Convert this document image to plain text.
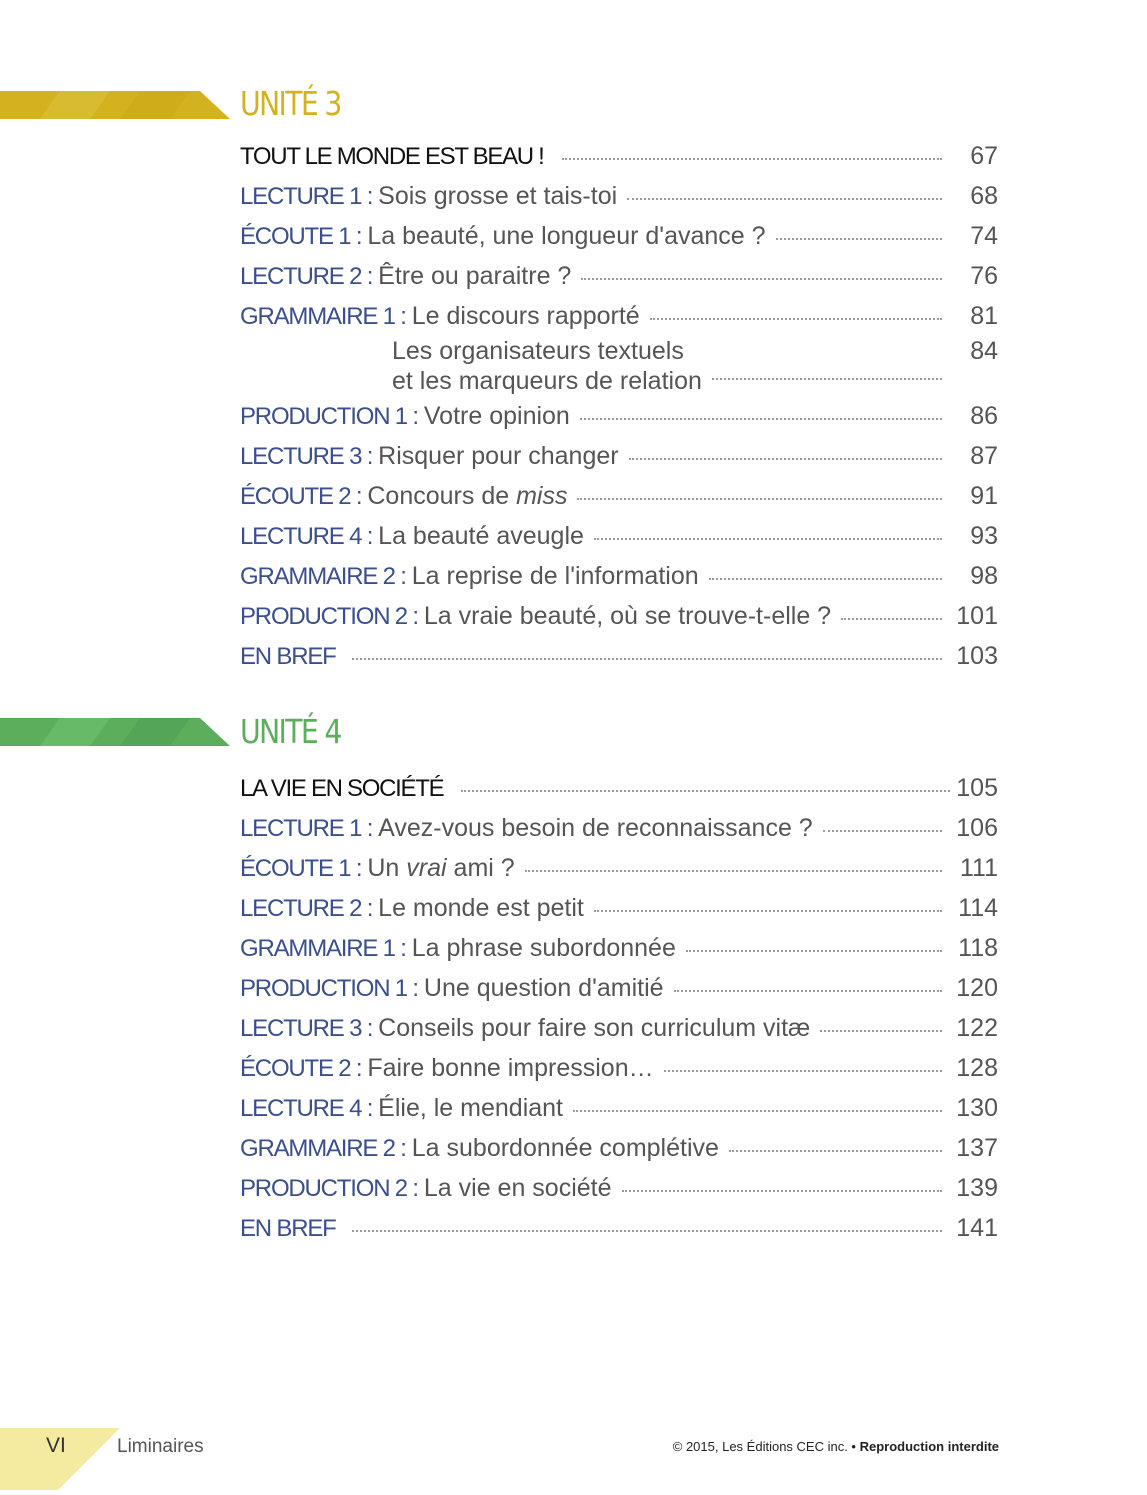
UNITÉ 3
TOUT LE MONDE EST BEAU !	67
LECTURE 1 : Sois grosse et tais-toi	68
ÉCOUTE 1 : La beauté, une longueur d'avance ?	74
LECTURE 2 : Être ou paraitre ?	76
GRAMMAIRE 1 : Le discours rapporté	81
Les organisateurs textuels
et les marqueurs de relation
84
PRODUCTION 1 : Votre opinion	86
LECTURE 3 : Risquer pour changer	87
ÉCOUTE 2 : Concours de miss	91
LECTURE 4 : La beauté aveugle	93
GRAMMAIRE 2 : La reprise de l'information	98
PRODUCTION 2 : La vraie beauté, où se trouve-t-elle ?	101
EN BREF	103
UNITÉ 4
LA VIE EN SOCIÉTÉ	105
LECTURE 1 : Avez-vous besoin de reconnaissance ?	106
ÉCOUTE 1 : Un vrai ami ?	111
LECTURE 2 : Le monde est petit	114
GRAMMAIRE 1 : La phrase subordonnée	118
PRODUCTION 1 : Une question d'amitié	120
LECTURE 3 : Conseils pour faire son curriculum vitæ	122
ÉCOUTE 2 : Faire bonne impression…	128
LECTURE 4 : Élie, le mendiant	130
GRAMMAIRE 2 : La subordonnée complétive	137
PRODUCTION 2 : La vie en société	139
EN BREF	141
VI	Liminaires	© 2015, Les Éditions CEC inc. • Reproduction interdite
